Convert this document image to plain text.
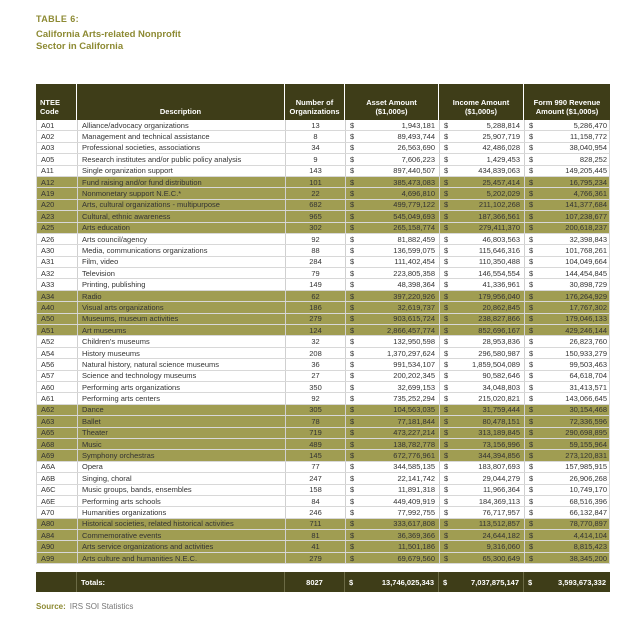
TABLE 6:
California Arts-related Nonprofit
Sector in California
NTEE
Code	Description
Number of
Organizations
Asset Amount
($1,000s)
Income Amount
($1,000s)
Form 990 Revenue
Amount ($1,000s)
A01	Alliance/advocacy organizations	13	$	1,943,181 $	5,288,814 $	5,286,470
A02	Management and technical assistance	8	$	89,493,744 $	25,907,719 $	11,158,772
A03	Professional societies, associations	34	$	26,563,690 $	42,486,028 $	38,040,954
A05	Research institutes and/or public policy analysis	9	$	7,606,223 $	1,429,453 $	828,252
A11	Single organization support	143	$	897,440,507 $	434,839,063 $	149,205,445
A12	Fund raising and/or fund distribution	101	$	385,473,083 $	25,457,414 $	16,795,234
A19	Nonmonetary support N.E.C.*	22	$	4,696,810 $	5,202,029 $	4,766,361
A20	Arts, cultural organizations - multipurpose	682	$	499,779,122 $	211,102,268 $	141,377,684
A23	Cultural, ethnic awareness	965	$	545,049,693 $	187,366,561 $	107,238,677
A25	Arts education	302	$	265,158,774 $	279,411,370 $	200,618,237
A26	Arts council/agency	92	$	81,882,459 $	46,803,563 $	32,398,843
A30	Media, communications organizations	88	$	136,599,075 $	115,646,316 $	101,768,261
A31	Film, video	284	$	111,402,454 $	110,350,488 $	104,049,664
A32	Television	79	$	223,805,358 $	146,554,554 $	144,454,845
A33	Printing, publishing	149	$	48,398,364 $	41,336,961 $	30,898,729
A34	Radio	62	$	397,220,926 $	179,956,040 $	176,264,929
A40	Visual arts organizations	186	$	32,619,737 $	20,862,845 $	17,767,302
A50	Museums, museum activities	279	$	903,615,724 $	238,827,866 $	179,046,133
A51	Art museums	124	$	2,866,457,774 $	852,696,167 $	429,246,144
A52	Children's museums	32	$	132,950,598 $	28,953,836 $	26,823,760
A54	History museums	208	$	1,370,297,624 $	296,580,987 $	150,933,279
A56	Natural history, natural science museums	36	$	991,534,107 $	1,859,504,089 $	99,503,463
A57	Science and technology museums	27	$	200,202,345 $	90,582,646 $	64,618,704
A60	Performing arts organizations	350	$	32,699,153 $	34,048,803 $	31,413,571
A61	Performing arts centers	92	$	735,252,294 $	215,020,821 $	143,066,645
A62	Dance	305	$	104,563,035 $	31,759,444 $	30,154,468
A63	Ballet	78	$	77,181,844 $	80,478,151 $	72,336,596
A65	Theater	719	$	473,227,214 $	313,189,845 $	290,698,895
A68	Music	489	$	138,782,778 $	73,156,996 $	59,155,964
A69	Symphony orchestras	145	$	672,776,961 $	344,394,856 $	273,120,831
A6A	Opera	77	$	344,585,135 $	183,807,693 $	157,985,915
A6B	Singing, choral	247	$	22,141,742 $	29,044,279 $	26,906,268
A6C	Music groups, bands, ensembles	158	$	11,891,318 $	11,966,364 $	10,749,170
A6E	Performing arts schools	84	$	449,409,919 $	184,369,113 $	68,516,396
A70	Humanities organizations	246	$	77,992,755 $	76,717,957 $	66,132,847
A80	Historical societies, related historical activities	711	$	333,617,808 $	113,512,857 $	78,770,897
A84	Commemorative events	81	$	36,369,366 $	24,644,182 $	4,414,104
A90	Arts service organizations and activities	41	$	11,501,186 $	9,316,060 $	8,815,423
A99	Arts culture and humanities N.E.C.	279	$	69,679,560 $	65,300,649 $	38,345,200
Totals:	8027	$	13,746,025,343 $	7,037,875,147 $	3,593,673,332
Source: IRS SOI Statistics
